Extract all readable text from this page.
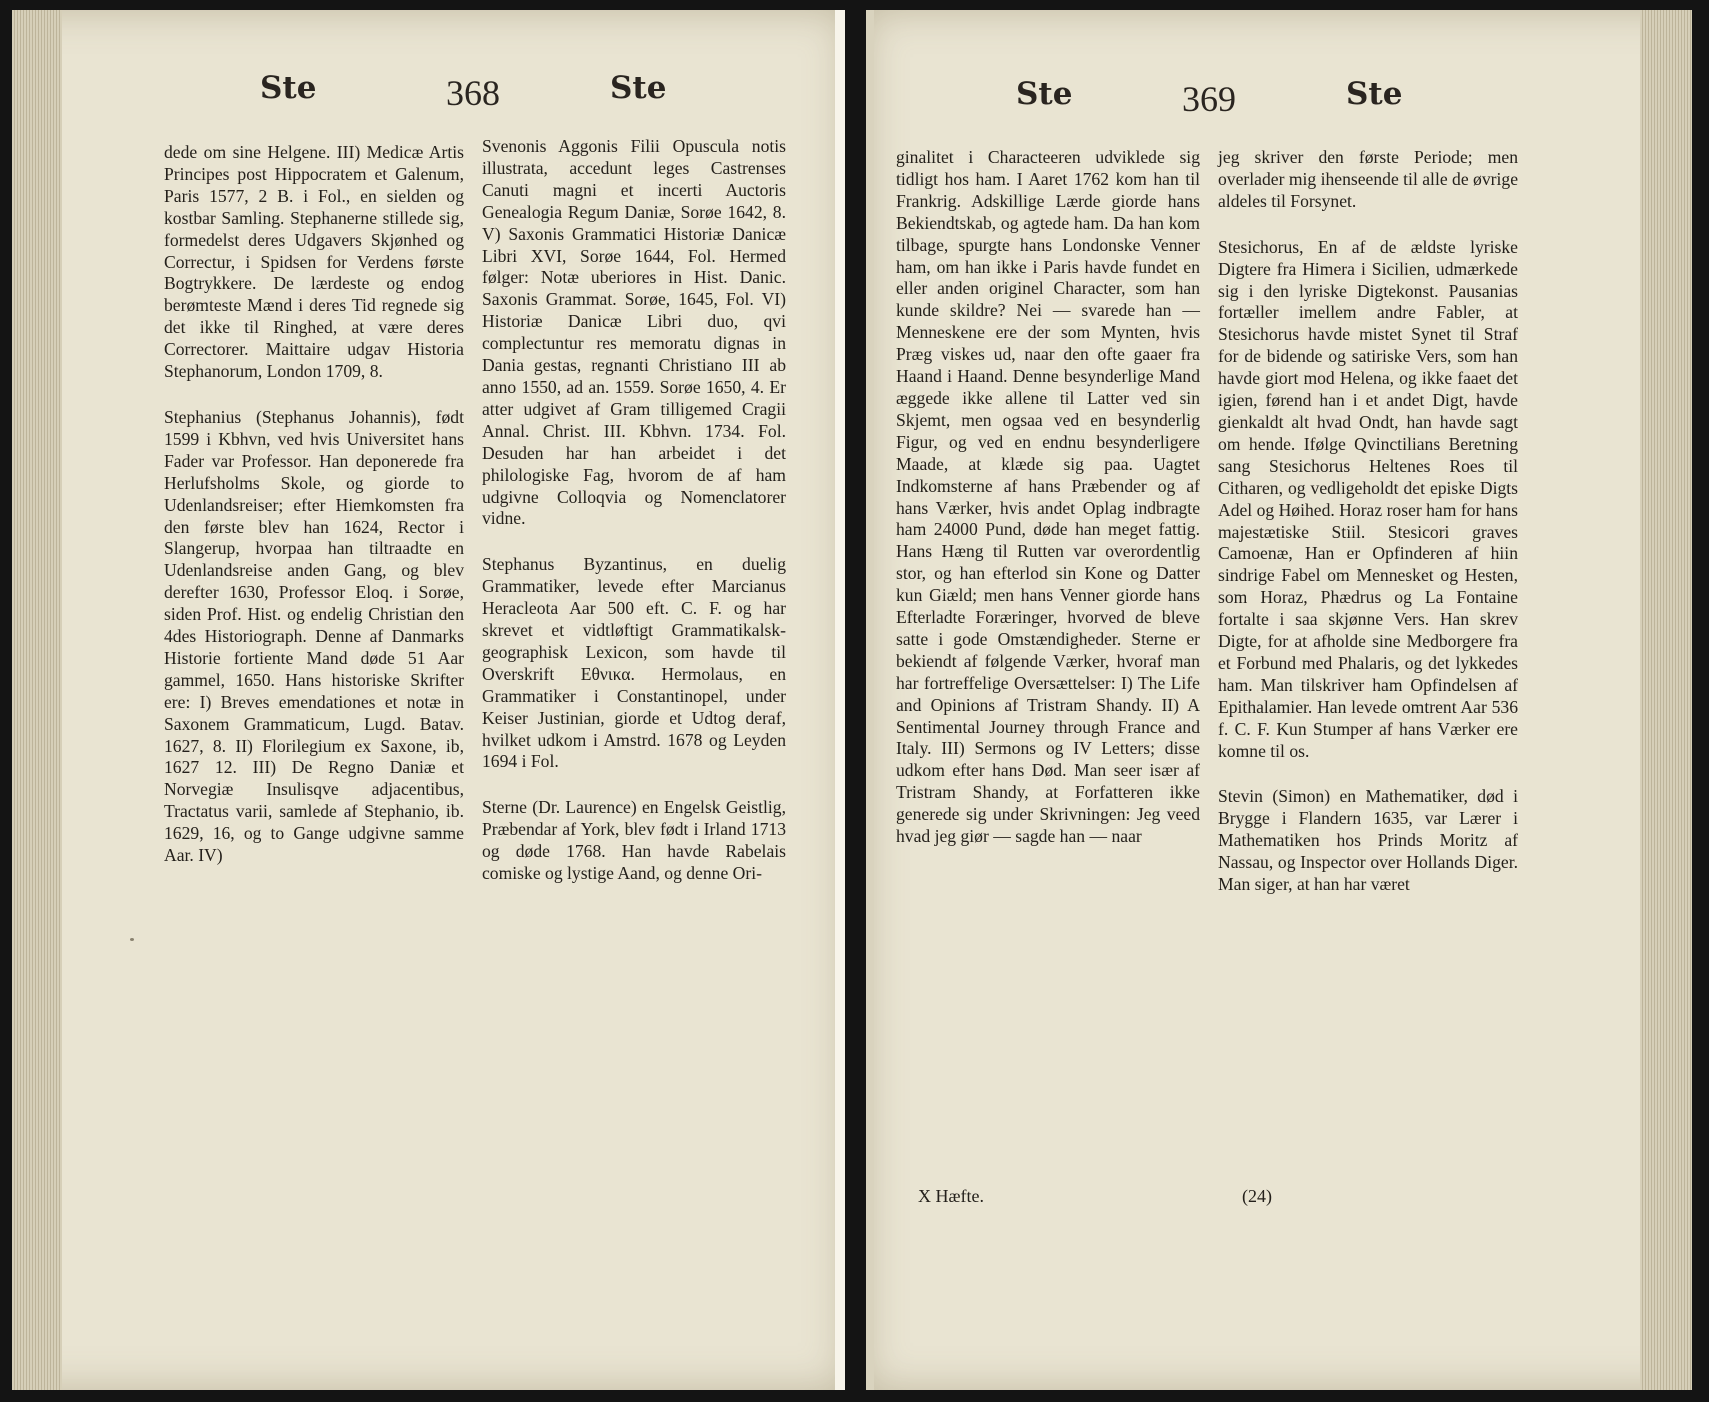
Ste	368	Ste

dede om sine Helgene. III) Medicæ Artis Principes post Hippocratem et Galenum, Paris 1577, 2 B. i Fol., en sielden og kostbar Samling. Stephanerne stillede sig, formedelst deres Udgavers Skjønhed og Correctur, i Spidsen for Verdens første Bogtrykkere. De lærdeste og endog berømteste Mænd i deres Tid regnede sig det ikke til Ringhed, at være deres Correctorer. Maittaire udgav Historia Stephanorum, London 1709, 8.

Stephanius (Stephanus Johannis), født 1599 i Kbhvn, ved hvis Universitet hans Fader var Professor. Han deponerede fra Herlufsholms Skole, og giorde to Udenlandsreiser; efter Hiemkomsten fra den første blev han 1624, Rector i Slangerup, hvorpaa han tiltraadte en Udenlandsreise anden Gang, og blev derefter 1630, Professor Eloq. i Sorøe, siden Prof. Hist. og endelig Christian den 4des Historiograph. Denne af Danmarks Historie fortiente Mand døde 51 Aar gammel, 1650. Hans historiske Skrifter ere: I) Breves emendationes et notæ in Saxonem Grammaticum, Lugd. Batav. 1627, 8. II) Florilegium ex Saxone, ib, 1627 12. III) De Regno Daniæ et Norvegiæ Insulisqve adjacentibus, Tractatus varii, samlede af Stephanio, ib. 1629, 16, og to Gange udgivne samme Aar. IV)

Svenonis Aggonis Filii Opuscula notis illustrata, accedunt leges Castrenses Canuti magni et incerti Auctoris Genealogia Regum Daniæ, Sorøe 1642, 8. V) Saxonis Grammatici Historiæ Danicæ Libri XVI, Sorøe 1644, Fol. Hermed følger: Notæ uberiores in Hist. Danic. Saxonis Grammat. Sorøe, 1645, Fol. VI) Historiæ Danicæ Libri duo, qvi complectuntur res memoratu dignas in Dania gestas, regnanti Christiano III ab anno 1550, ad an. 1559. Sorøe 1650, 4. Er atter udgivet af Gram tilligemed Cragii Annal. Christ. III. Kbhvn. 1734. Fol. Desuden har han arbeidet i det philologiske Fag, hvorom de af ham udgivne Colloqvia og Nomenclatorer vidne.

Stephanus Byzantinus, en duelig Grammatiker, levede efter Marcianus Heracleota Aar 500 eft. C. F. og har skrevet et vidtløftigt Grammatikalsk-geographisk Lexicon, som havde til Overskrift Εθνικα. Hermolaus, en Grammatiker i Constantinopel, under Keiser Justinian, giorde et Udtog deraf, hvilket udkom i Amstrd. 1678 og Leyden 1694 i Fol.

Sterne (Dr. Laurence) en Engelsk Geistlig, Præbendar af York, blev født i Irland 1713 og døde 1768. Han havde Rabelais comiske og lystige Aand, og denne Ori-

Ste	369	Ste

ginalitet i Characteeren udviklede sig tidligt hos ham. I Aaret 1762 kom han til Frankrig. Adskillige Lærde giorde hans Bekiendtskab, og agtede ham. Da han kom tilbage, spurgte hans Londonske Venner ham, om han ikke i Paris havde fundet en eller anden originel Character, som han kunde skildre? Nei — svarede han — Menneskene ere der som Mynten, hvis Præg viskes ud, naar den ofte gaaer fra Haand i Haand. Denne besynderlige Mand æggede ikke allene til Latter ved sin Skjemt, men ogsaa ved en besynderlig Figur, og ved en endnu besynderligere Maade, at klæde sig paa. Uagtet Indkomsterne af hans Præbender og af hans Værker, hvis andet Oplag indbragte ham 24000 Pund, døde han meget fattig. Hans Hæng til Rutten var overordentlig stor, og han efterlod sin Kone og Datter kun Giæld; men hans Venner giorde hans Efterladte Foræringer, hvorved de bleve satte i gode Omstændigheder. Sterne er bekiendt af følgende Værker, hvoraf man har fortreffelige Oversættelser: I) The Life and Opinions af Tristram Shandy. II) A Sentimental Journey through France and Italy. III) Sermons og IV Letters; disse udkom efter hans Død. Man seer især af Tristram Shandy, at Forfatteren ikke generede sig under Skrivningen: Jeg veed hvad jeg giør — sagde han — naar

jeg skriver den første Periode; men overlader mig ihenseende til alle de øvrige aldeles til Forsynet.

Stesichorus, En af de ældste lyriske Digtere fra Himera i Sicilien, udmærkede sig i den lyriske Digtekonst. Pausanias fortæller imellem andre Fabler, at Stesichorus havde mistet Synet til Straf for de bidende og satiriske Vers, som han havde giort mod Helena, og ikke faaet det igien, førend han i et andet Digt, havde gienkaldt alt hvad Ondt, han havde sagt om hende. Ifølge Qvinctilians Beretning sang Stesichorus Heltenes Roes til Citharen, og vedligeholdt det episke Digts Adel og Høihed. Horaz roser ham for hans majestætiske Stiil. Stesicori graves Camoenæ, Han er Opfinderen af hiin sindrige Fabel om Mennesket og Hesten, som Horaz, Phædrus og La Fontaine fortalte i saa skjønne Vers. Han skrev Digte, for at afholde sine Medborgere fra et Forbund med Phalaris, og det lykkedes ham. Man tilskriver ham Opfindelsen af Epithalamier. Han levede omtrent Aar 536 f. C. F. Kun Stumper af hans Værker ere komne til os.

Stevin (Simon) en Mathematiker, død i Brygge i Flandern 1635, var Lærer i Mathematiken hos Prinds Moritz af Nassau, og Inspector over Hollands Diger. Man siger, at han har været

X Hæfte.	(24)
